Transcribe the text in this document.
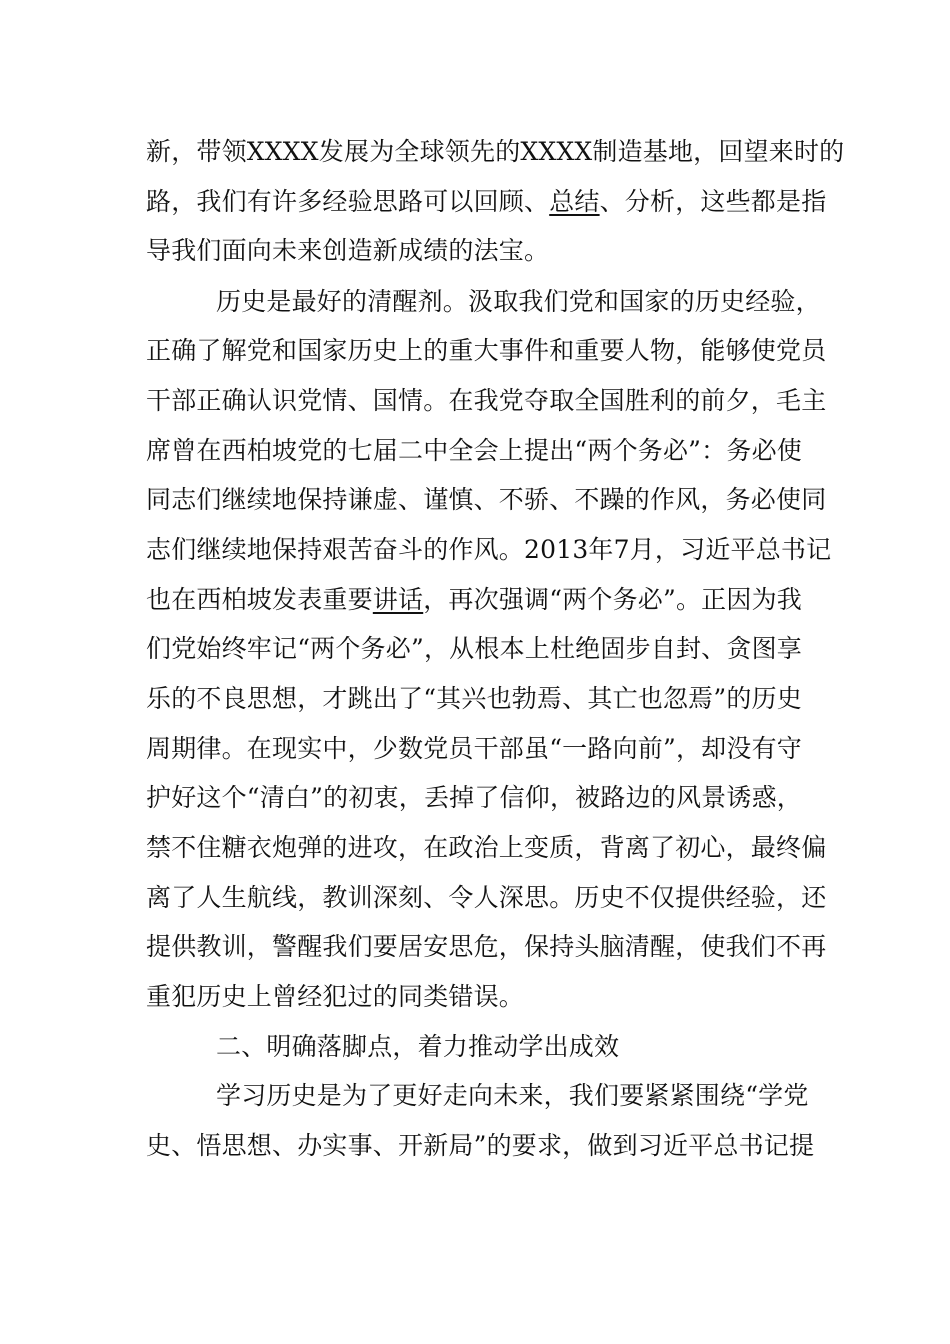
新，带领XXXX发展为全球领先的XXXX制造基地，回望来时的
路，我们有许多经验思路可以回顾、总结、分析，这些都是指
导我们面向未来创造新成绩的法宝。
历史是最好的清醒剂。汲取我们党和国家的历史经验，
正确了解党和国家历史上的重大事件和重要人物，能够使党员
干部正确认识党情、国情。在我党夺取全国胜利的前夕，毛主
席曾在西柏坡党的七届二中全会上提出“两个务必”：务必使
同志们继续地保持谦虚、谨慎、不骄、不躁的作风，务必使同
志们继续地保持艰苦奋斗的作风。2013年7月，习近平总书记
也在西柏坡发表重要讲话，再次强调“两个务必”。正因为我
们党始终牢记“两个务必”，从根本上杜绝固步自封、贪图享
乐的不良思想，才跳出了“其兴也勃焉、其亡也忽焉”的历史
周期律。在现实中，少数党员干部虽“一路向前”，却没有守
护好这个“清白”的初衷，丢掉了信仰，被路边的风景诱惑，
禁不住糖衣炮弹的进攻，在政治上变质，背离了初心，最终偏
离了人生航线，教训深刻、令人深思。历史不仅提供经验，还
提供教训，警醒我们要居安思危，保持头脑清醒，使我们不再
重犯历史上曾经犯过的同类错误。
二、明确落脚点，着力推动学出成效
学习历史是为了更好走向未来，我们要紧紧围绕“学党
史、悟思想、办实事、开新局”的要求，做到习近平总书记提
